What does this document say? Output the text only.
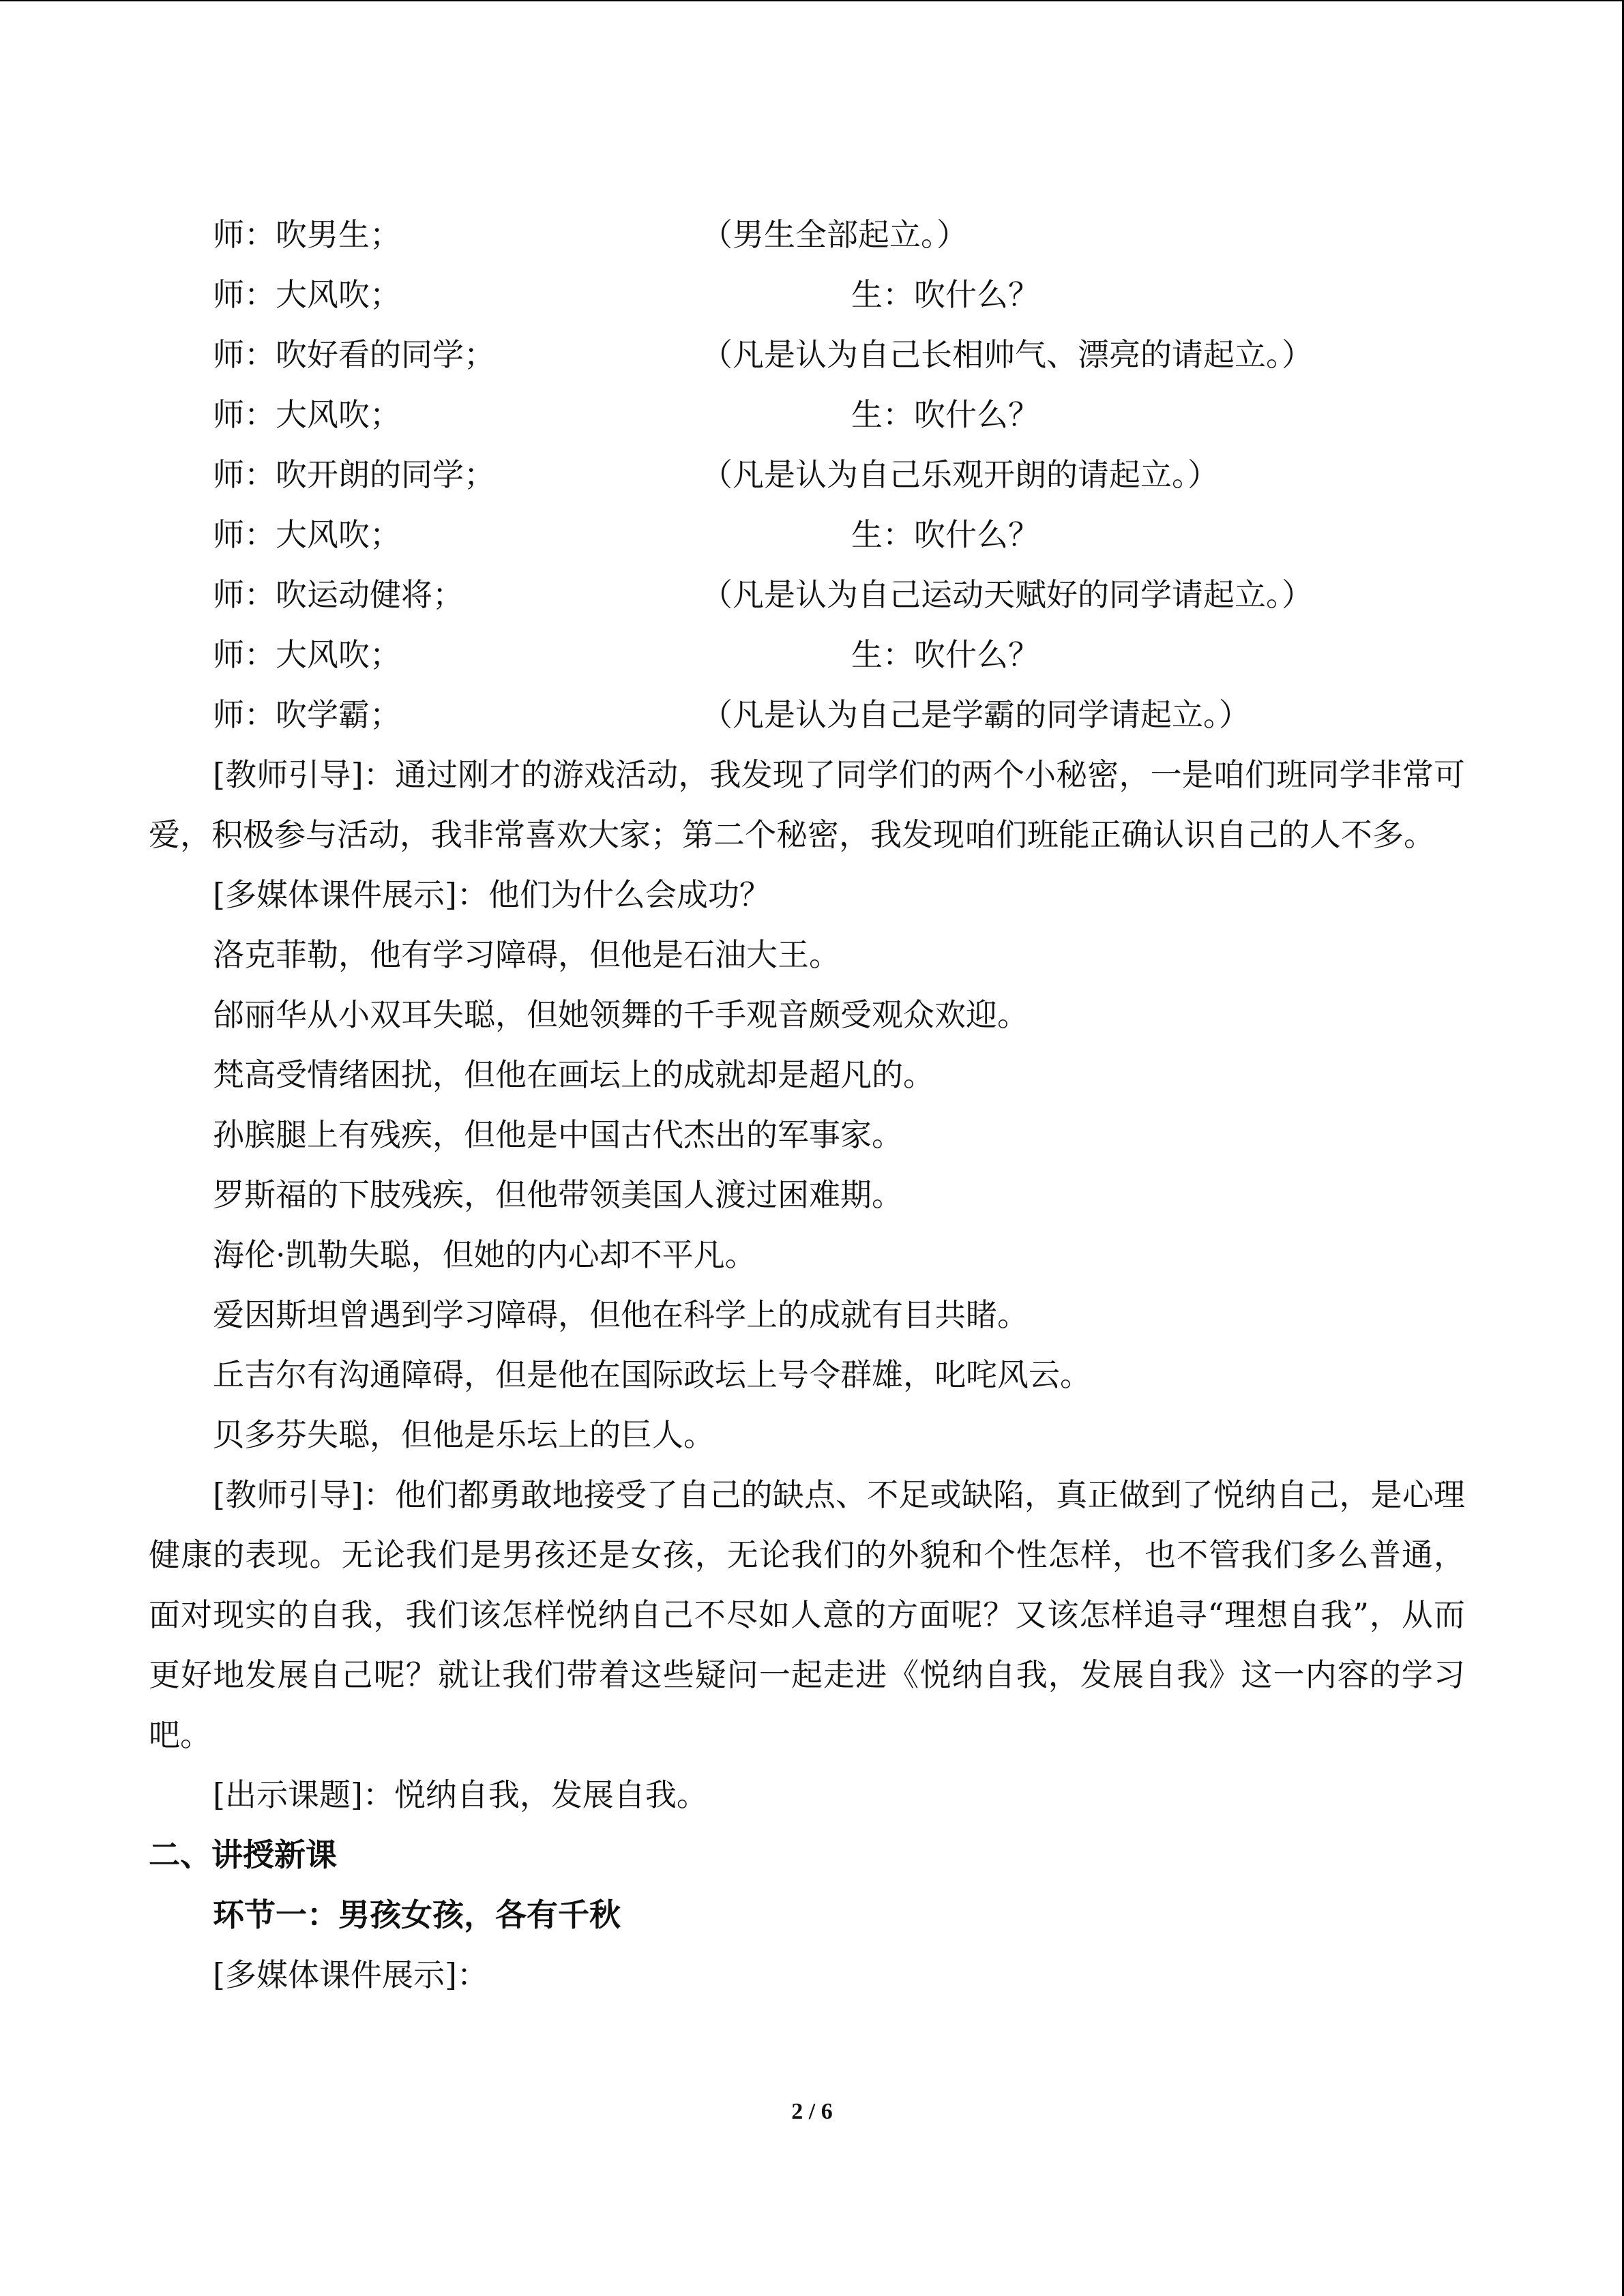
师：吹男生；	（男生全部起立。）
师：大风吹；	生：吹什么？
师：吹好看的同学；	（凡是认为自己长相帅气、漂亮的请起立。）
师：大风吹；	生：吹什么？
师：吹开朗的同学；	（凡是认为自己乐观开朗的请起立。）
师：大风吹；	生：吹什么？
师：吹运动健将；	（凡是认为自己运动天赋好的同学请起立。）
师：大风吹；	生：吹什么？
师：吹学霸；	（凡是认为自己是学霸的同学请起立。）

[教师引导]：通过刚才的游戏活动，我发现了同学们的两个小秘密，一是咱们班同学非常可爱，积极参与活动，我非常喜欢大家；第二个秘密，我发现咱们班能正确认识自己的人不多。

[多媒体课件展示]：他们为什么会成功？
洛克菲勒，他有学习障碍，但他是石油大王。
邰丽华从小双耳失聪，但她领舞的千手观音颇受观众欢迎。
梵高受情绪困扰，但他在画坛上的成就却是超凡的。
孙膑腿上有残疾，但他是中国古代杰出的军事家。
罗斯福的下肢残疾，但他带领美国人渡过困难期。
海伦·凯勒失聪，但她的内心却不平凡。
爱因斯坦曾遇到学习障碍，但他在科学上的成就有目共睹。
丘吉尔有沟通障碍，但是他在国际政坛上号令群雄，叱咤风云。
贝多芬失聪，但他是乐坛上的巨人。

[教师引导]：他们都勇敢地接受了自己的缺点、不足或缺陷，真正做到了悦纳自己，是心理健康的表现。无论我们是男孩还是女孩，无论我们的外貌和个性怎样，也不管我们多么普通，面对现实的自我，我们该怎样悦纳自己不尽如人意的方面呢？又该怎样追寻“理想自我”，从而更好地发展自己呢？就让我们带着这些疑问一起走进《悦纳自我，发展自我》这一内容的学习吧。

[出示课题]：悦纳自我，发展自我。
二、讲授新课
环节一：男孩女孩，各有千秋
[多媒体课件展示]：
2 / 6
